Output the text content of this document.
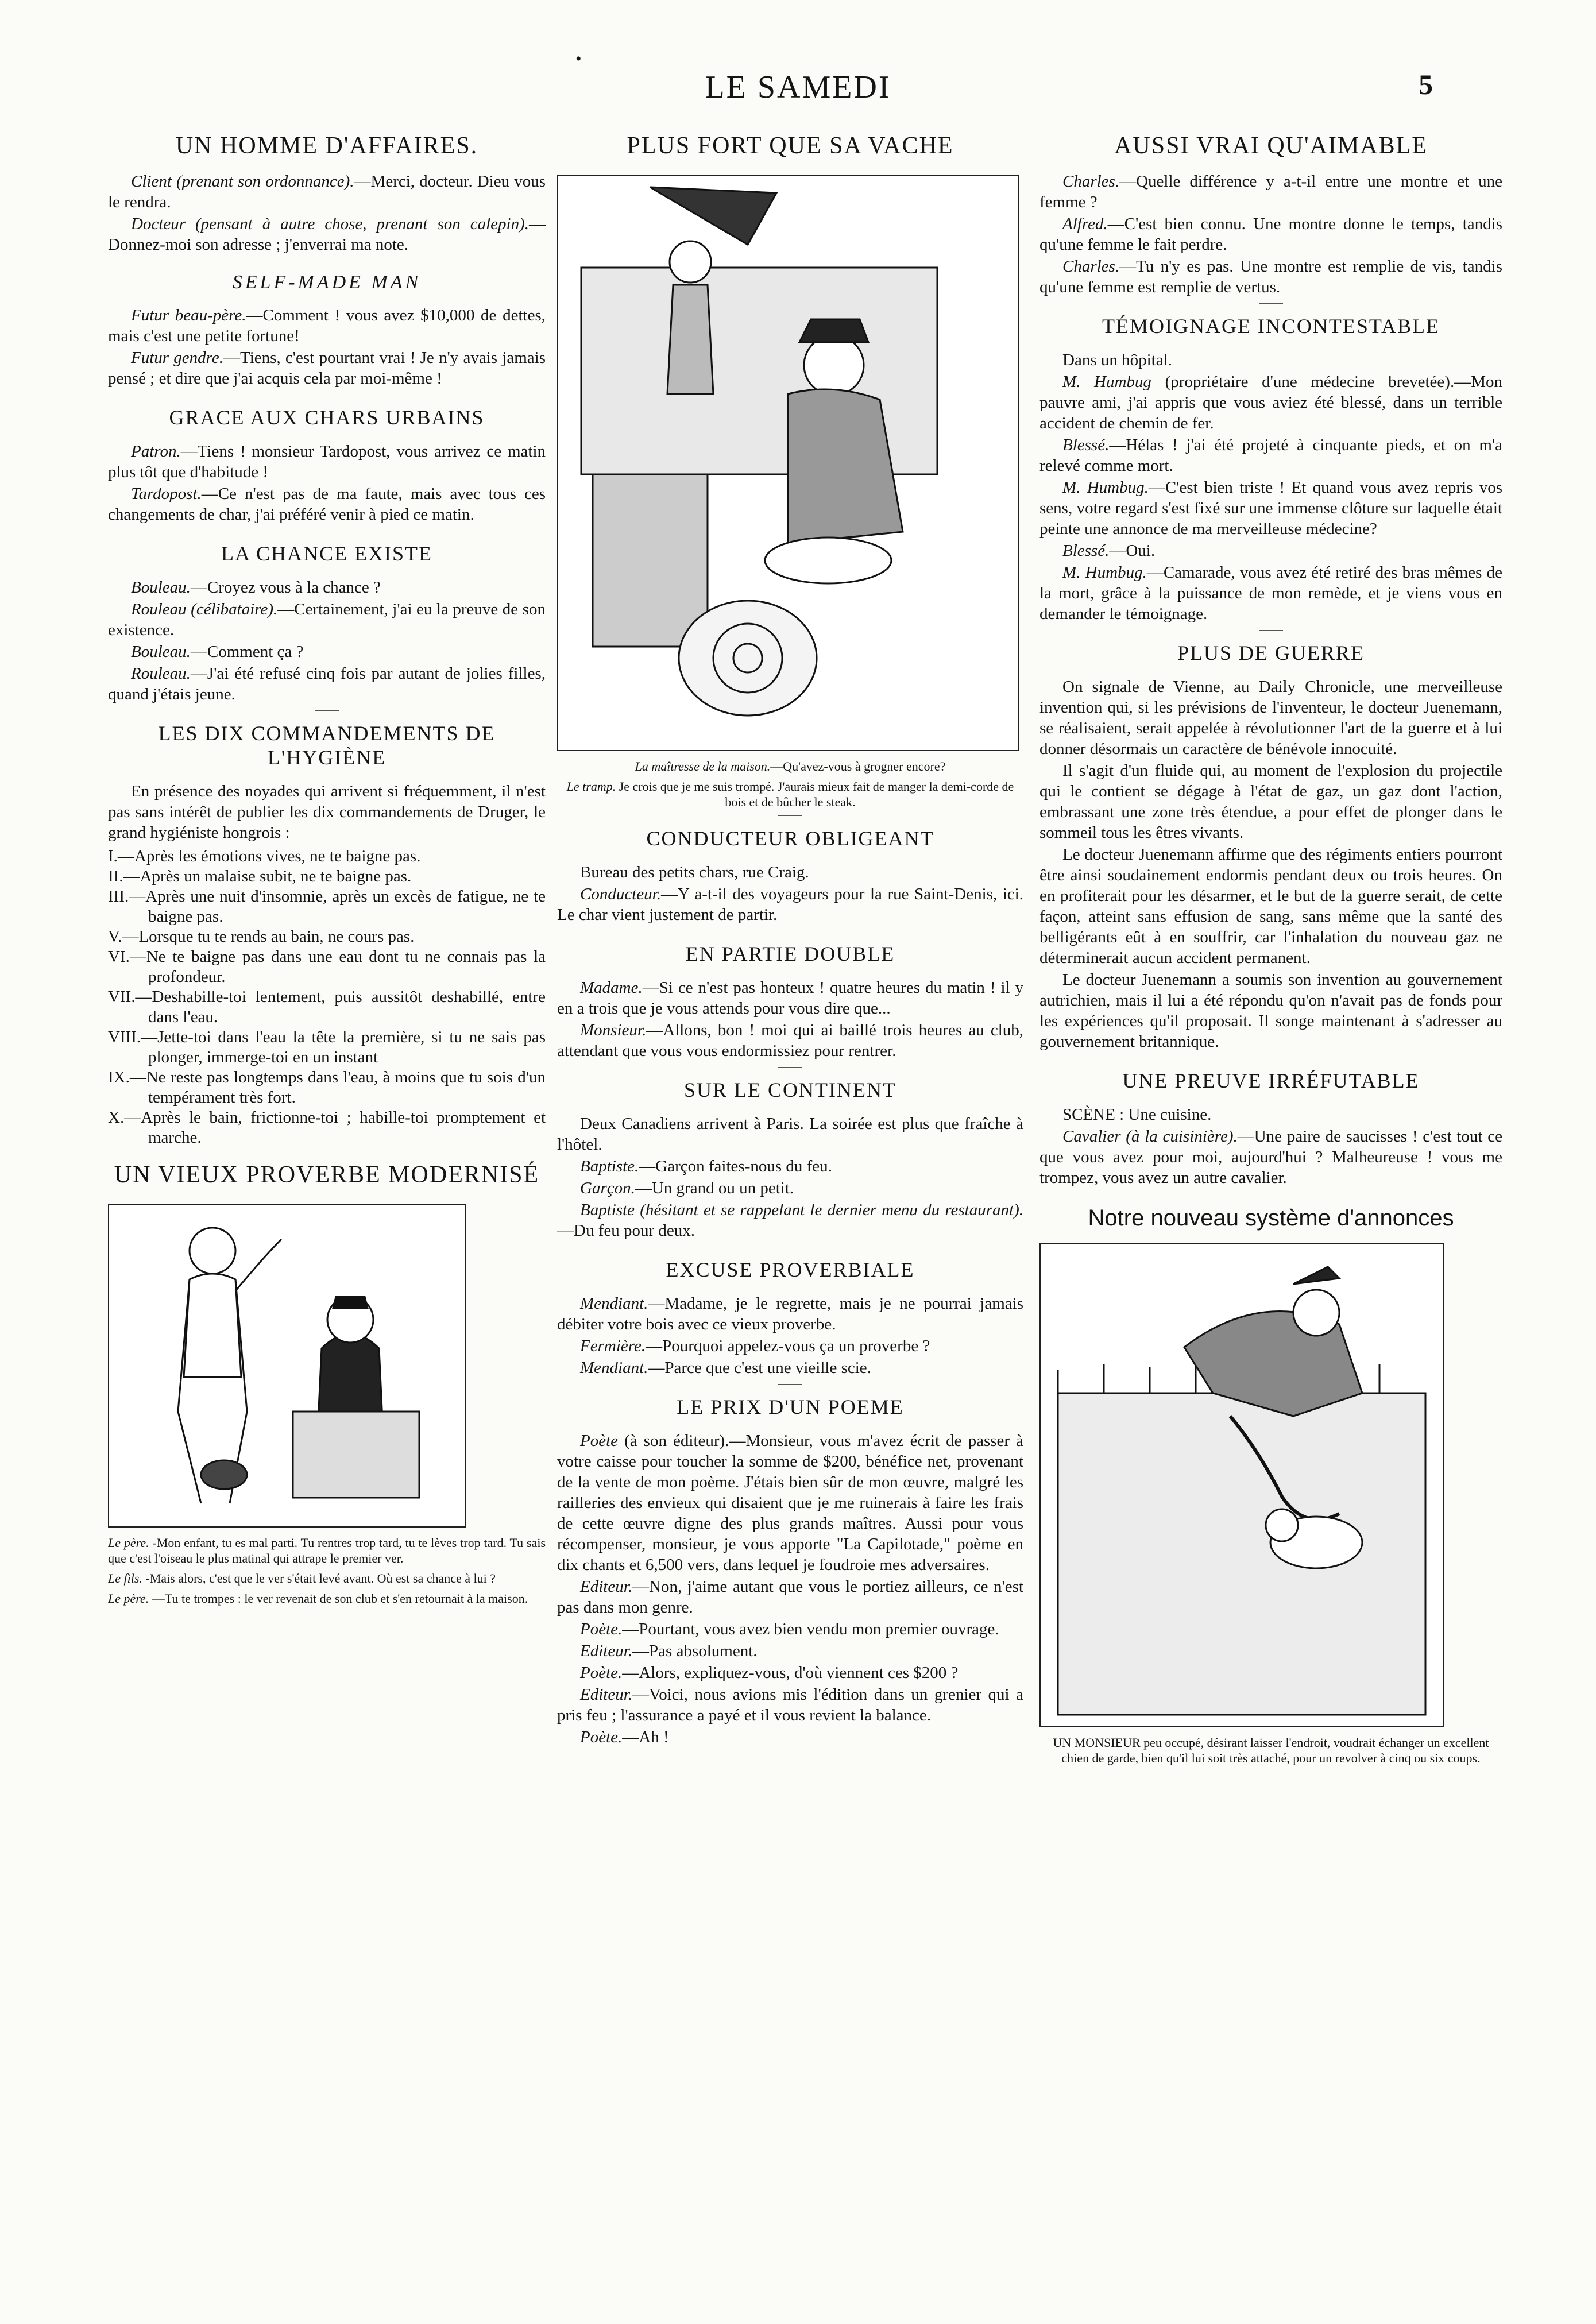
•
LE SAMEDI	5
UN HOMME D'AFFAIRES.

Client (prenant son ordonnance).—Merci, docteur. Dieu vous le rendra.

Docteur (pensant à autre chose, prenant son calepin).—Donnez-moi son adresse ; j'enverrai ma note.

SELF-MADE MAN

Futur beau-père.—Comment ! vous avez $10,000 de dettes, mais c'est une petite fortune!

Futur gendre.—Tiens, c'est pourtant vrai ! Je n'y avais jamais pensé ; et dire que j'ai acquis cela par moi-même !

GRACE AUX CHARS URBAINS

Patron.—Tiens ! monsieur Tardopost, vous arrivez ce matin plus tôt que d'habitude !

Tardopost.—Ce n'est pas de ma faute, mais avec tous ces changements de char, j'ai préféré venir à pied ce matin.

LA CHANCE EXISTE

Bouleau.—Croyez vous à la chance ?

Rouleau (célibataire).—Certainement, j'ai eu la preuve de son existence.

Bouleau.—Comment ça ?

Rouleau.—J'ai été refusé cinq fois par autant de jolies filles, quand j'étais jeune.

LES DIX COMMANDEMENTS DE L'HYGIÈNE

En présence des noyades qui arrivent si fréquemment, il n'est pas sans intérêt de publier les dix commandements de Druger, le grand hygiéniste hongrois :

I.—Après les émotions vives, ne te baigne pas.
II.—Après un malaise subit, ne te baigne pas.
III.—Après une nuit d'insomnie, après un excès de fatigue, ne te baigne pas.
V.—Lorsque tu te rends au bain, ne cours pas.
VI.—Ne te baigne pas dans une eau dont tu ne connais pas la profondeur.
VII.—Deshabille-toi lentement, puis aussitôt deshabillé, entre dans l'eau.
VIII.—Jette-toi dans l'eau la tête la première, si tu ne sais pas plonger, immerge-toi en un instant
IX.—Ne reste pas longtemps dans l'eau, à moins que tu sois d'un tempérament très fort.
X.—Après le bain, frictionne-toi ; habille-toi promptement et marche.
UN VIEUX PROVERBE MODERNISÉ

Le père. -Mon enfant, tu es mal parti. Tu rentres trop tard, tu te lèves trop tard. Tu sais que c'est l'oiseau le plus matinal qui attrape le premier ver.

Le fils. -Mais alors, c'est que le ver s'était levé avant. Où est sa chance à lui ?

Le père. —Tu te trompes : le ver revenait de son club et s'en retournait à la maison.

PLUS FORT QUE SA VACHE

La maîtresse de la maison.—Qu'avez-vous à grogner encore?

Le tramp. Je crois que je me suis trompé. J'aurais mieux fait de manger la demi-corde de bois et de bûcher le steak.

CONDUCTEUR OBLIGEANT

Bureau des petits chars, rue Craig.

Conducteur.—Y a-t-il des voyageurs pour la rue Saint-Denis, ici. Le char vient justement de partir.

EN PARTIE DOUBLE

Madame.—Si ce n'est pas honteux ! quatre heures du matin ! il y en a trois que je vous attends pour vous dire que...

Monsieur.—Allons, bon ! moi qui ai baillé trois heures au club, attendant que vous vous endormissiez pour rentrer.

SUR LE CONTINENT

Deux Canadiens arrivent à Paris. La soirée est plus que fraîche à l'hôtel.

Baptiste.—Garçon faites-nous du feu.

Garçon.—Un grand ou un petit.

Baptiste (hésitant et se rappelant le dernier menu du restaurant).—Du feu pour deux.

EXCUSE PROVERBIALE

Mendiant.—Madame, je le regrette, mais je ne pourrai jamais débiter votre bois avec ce vieux proverbe.

Fermière.—Pourquoi appelez-vous ça un proverbe ?

Mendiant.—Parce que c'est une vieille scie.

LE PRIX D'UN POEME

Poète (à son éditeur).—Monsieur, vous m'avez écrit de passer à votre caisse pour toucher la somme de $200, bénéfice net, provenant de la vente de mon poème. J'étais bien sûr de mon œuvre, malgré les railleries des envieux qui disaient que je me ruinerais à faire les frais de cette œuvre digne des plus grands maîtres. Aussi pour vous récompenser, monsieur, je vous apporte "La Capilotade," poème en dix chants et 6,500 vers, dans lequel je foudroie mes adversaires.

Editeur.—Non, j'aime autant que vous le portiez ailleurs, ce n'est pas dans mon genre.

Poète.—Pourtant, vous avez bien vendu mon premier ouvrage.

Editeur.—Pas absolument.

Poète.—Alors, expliquez-vous, d'où viennent ces $200 ?

Editeur.—Voici, nous avions mis l'édition dans un grenier qui a pris feu ; l'assurance a payé et il vous revient la balance.

Poète.—Ah !

AUSSI VRAI QU'AIMABLE

Charles.—Quelle différence y a-t-il entre une montre et une femme ?

Alfred.—C'est bien connu. Une montre donne le temps, tandis qu'une femme le fait perdre.

Charles.—Tu n'y es pas. Une montre est remplie de vis, tandis qu'une femme est remplie de vertus.

TÉMOIGNAGE INCONTESTABLE

Dans un hôpital.

M. Humbug (propriétaire d'une médecine brevetée).—Mon pauvre ami, j'ai appris que vous aviez été blessé, dans un terrible accident de chemin de fer.

Blessé.—Hélas ! j'ai été projeté à cinquante pieds, et on m'a relevé comme mort.

M. Humbug.—C'est bien triste ! Et quand vous avez repris vos sens, votre regard s'est fixé sur une immense clôture sur laquelle était peinte une annonce de ma merveilleuse médecine?

Blessé.—Oui.

M. Humbug.—Camarade, vous avez été retiré des bras mêmes de la mort, grâce à la puissance de mon remède, et je viens vous en demander le témoignage.

PLUS DE GUERRE

On signale de Vienne, au Daily Chronicle, une merveilleuse invention qui, si les prévisions de l'inventeur, le docteur Juenemann, se réalisaient, serait appelée à révolutionner l'art de la guerre et à lui donner désormais un caractère de bénévole innocuité.

Il s'agit d'un fluide qui, au moment de l'explosion du projectile qui le contient se dégage à l'état de gaz, un gaz dont l'action, embrassant une zone très étendue, a pour effet de plonger dans le sommeil tous les êtres vivants.

Le docteur Juenemann affirme que des régiments entiers pourront être ainsi soudainement endormis pendant deux ou trois heures. On en profiterait pour les désarmer, et le but de la guerre serait, de cette façon, atteint sans effusion de sang, sans même que la santé des belligérants eût à en souffrir, car l'inhalation du nouveau gaz ne déterminerait aucun accident permanent.

Le docteur Juenemann a soumis son invention au gouvernement autrichien, mais il lui a été répondu qu'on n'avait pas de fonds pour les expériences qu'il proposait. Il songe maintenant à s'adresser au gouvernement britannique.

UNE PREUVE IRRÉFUTABLE

SCÈNE : Une cuisine.

Cavalier (à la cuisinière).—Une paire de saucisses ! c'est tout ce que vous avez pour moi, aujourd'hui ? Malheureuse ! vous me trompez, vous avez un autre cavalier.

Notre nouveau système d'annonces

UN MONSIEUR peu occupé, désirant laisser l'endroit, voudrait échanger un excellent chien de garde, bien qu'il lui soit très attaché, pour un revolver à cinq ou six coups.
